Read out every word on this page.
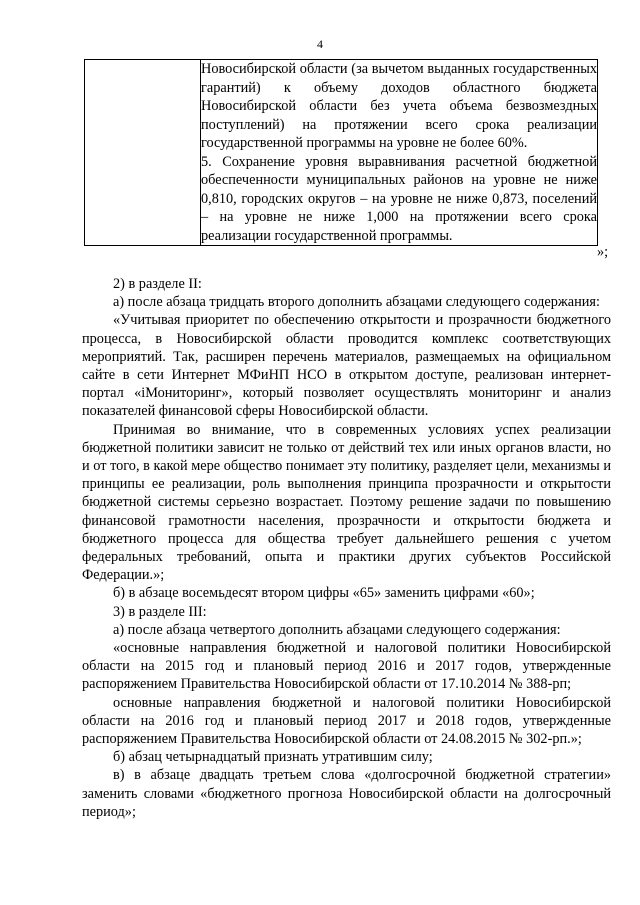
4

Новосибирской области (за вычетом выданных государственных гарантий) к объему доходов областного бюджета Новосибирской области без учета объема безвозмездных поступлений) на протяжении всего срока реализации государственной программы на уровне не более 60%.
5. Сохранение уровня выравнивания расчетной бюджетной обеспеченности муниципальных районов на уровне не ниже 0,810, городских округов – на уровне не ниже 0,873, поселений – на уровне не ниже 1,000 на протяжении всего срока реализации государственной программы.
»;

2) в разделе II:

а) после абзаца тридцать второго дополнить абзацами следующего содержания:

«Учитывая приоритет по обеспечению открытости и прозрачности бюджетного процесса, в Новосибирской области проводится комплекс соответствующих мероприятий. Так, расширен перечень материалов, размещаемых на официальном сайте в сети Интернет МФиНП НСО в открытом доступе, реализован интернет-портал «iМониторинг», который позволяет осуществлять мониторинг и анализ показателей финансовой сферы Новосибирской области.

Принимая во внимание, что в современных условиях успех реализации бюджетной политики зависит не только от действий тех или иных органов власти, но и от того, в какой мере общество понимает эту политику, разделяет цели, механизмы и принципы ее реализации, роль выполнения принципа прозрачности и открытости бюджетной системы серьезно возрастает. Поэтому решение задачи по повышению финансовой грамотности населения, прозрачности и открытости бюджета и бюджетного процесса для общества требует дальнейшего решения с учетом федеральных требований, опыта и практики других субъектов Российской Федерации.»;

б) в абзаце восемьдесят втором цифры «65» заменить цифрами «60»;

3) в разделе III:

а) после абзаца четвертого дополнить абзацами следующего содержания:

«основные направления бюджетной и налоговой политики Новосибирской области на 2015 год и плановый период 2016 и 2017 годов, утвержденные распоряжением Правительства Новосибирской области от 17.10.2014 № 388-рп;

основные направления бюджетной и налоговой политики Новосибирской области на 2016 год и плановый период 2017 и 2018 годов, утвержденные распоряжением Правительства Новосибирской области от 24.08.2015 № 302-рп.»;

б) абзац четырнадцатый признать утратившим силу;

в) в абзаце двадцать третьем слова «долгосрочной бюджетной стратегии» заменить словами «бюджетного прогноза Новосибирской области на долгосрочный период»;
